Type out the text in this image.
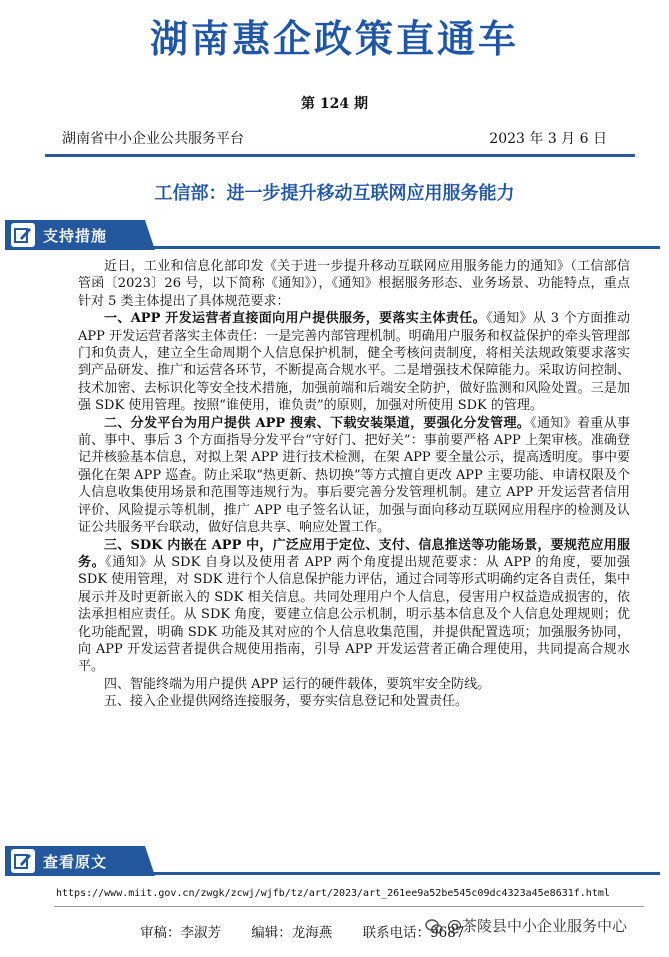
湖南惠企政策直通车
第 124 期
湖南省中小企业公共服务平台	2023 年 3 月 6 日
工信部：进一步提升移动互联网应用服务能力
支持措施

近日，工业和信息化部印发《关于进一步提升移动互联网应用服务能力的通知》（工信部信管函〔2023〕26 号，以下简称《通知》），《通知》根据服务形态、业务场景、功能特点，重点针对 5 类主体提出了具体规范要求：

一、APP 开发运营者直接面向用户提供服务，要落实主体责任。《通知》从 3 个方面推动 APP 开发运营者落实主体责任：一是完善内部管理机制。明确用户服务和权益保护的牵头管理部门和负责人，建立全生命周期个人信息保护机制，健全考核问责制度，将相关法规政策要求落实到产品研发、推广和运营各环节，不断提高合规水平。二是增强技术保障能力。采取访问控制、技术加密、去标识化等安全技术措施，加强前端和后端安全防护，做好监测和风险处置。三是加强 SDK 使用管理。按照“谁使用，谁负责”的原则，加强对所使用 SDK 的管理。

二、分发平台为用户提供 APP 搜索、下载安装渠道，要强化分发管理。《通知》着重从事前、事中、事后 3 个方面指导分发平台“守好门、把好关”：事前要严格 APP 上架审核。准确登记并核验基本信息，对拟上架 APP 进行技术检测，在架 APP 要全量公示，提高透明度。事中要强化在架 APP 巡查。防止采取“热更新、热切换”等方式擅自更改 APP 主要功能、申请权限及个人信息收集使用场景和范围等违规行为。事后要完善分发管理机制。建立 APP 开发运营者信用评价、风险提示等机制，推广 APP 电子签名认证，加强与面向移动互联网应用程序的检测及认证公共服务平台联动，做好信息共享、响应处置工作。

三、SDK 内嵌在 APP 中，广泛应用于定位、支付、信息推送等功能场景，要规范应用服务。《通知》从 SDK 自身以及使用者 APP 两个角度提出规范要求：从 APP 的角度，要加强 SDK 使用管理，对 SDK 进行个人信息保护能力评估，通过合同等形式明确约定各自责任，集中展示并及时更新嵌入的 SDK 相关信息。共同处理用户个人信息，侵害用户权益造成损害的，依法承担相应责任。从 SDK 角度，要建立信息公示机制，明示基本信息及个人信息处理规则；优化功能配置，明确 SDK 功能及其对应的个人信息收集范围，并提供配置选项；加强服务协同，向 APP 开发运营者提供合规使用指南，引导 APP 开发运营者正确合理使用，共同提高合规水平。

四、智能终端为用户提供 APP 运行的硬件载体，要筑牢安全防线。

五、接入企业提供网络连接服务，要夯实信息登记和处置责任。

查看原文
https://www.miit.gov.cn/zwgk/zcwj/wjfb/tz/art/2023/art_261ee9a52be545c09dc4323a45e8631f.html
审稿：李淑芳 编辑：龙海燕 联系电话：9687
@茶陵县中小企业服务中心
